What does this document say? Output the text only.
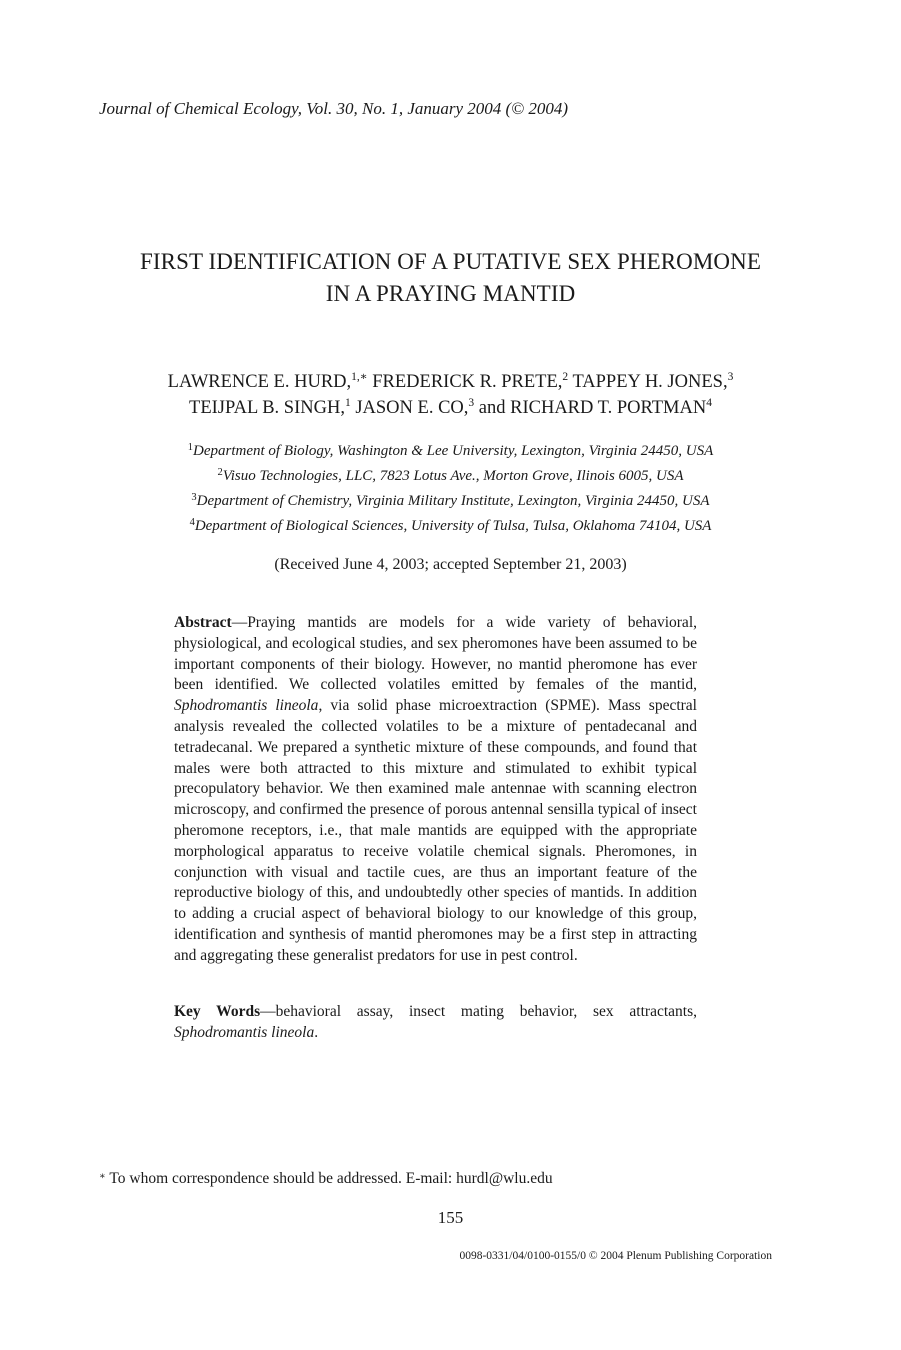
Journal of Chemical Ecology, Vol. 30, No. 1, January 2004 (© 2004)
FIRST IDENTIFICATION OF A PUTATIVE SEX PHEROMONE
IN A PRAYING MANTID
LAWRENCE E. HURD,$^{1,∗}$ FREDERICK R. PRETE,$^2$ TAPPEY H. JONES,$^3$
TEIJPAL B. SINGH,$^1$ JASON E. CO,$^3$ and RICHARD T. PORTMAN$^4$
$^1$Department of Biology, Washington & Lee University, Lexington, Virginia 24450, USA
$^2$Visuo Technologies, LLC, 7823 Lotus Ave., Morton Grove, Ilinois 6005, USA
$^3$Department of Chemistry, Virginia Military Institute, Lexington, Virginia 24450, USA
$^4$Department of Biological Sciences, University of Tulsa, Tulsa, Oklahoma 74104, USA
(Received June 4, 2003; accepted September 21, 2003)
Abstract—Praying mantids are models for a wide variety of behavioral, physiological, and ecological studies, and sex pheromones have been assumed to be important components of their biology. However, no mantid pheromone has ever been identified. We collected volatiles emitted by females of the mantid, Sphodromantis lineola, via solid phase microextraction (SPME). Mass spectral analysis revealed the collected volatiles to be a mixture of pentadecanal and tetradecanal. We prepared a synthetic mixture of these compounds, and found that males were both attracted to this mixture and stimulated to exhibit typical precopulatory behavior. We then examined male antennae with scanning electron microscopy, and confirmed the presence of porous antennal sensilla typical of insect pheromone receptors, i.e., that male mantids are equipped with the appropriate morphological apparatus to receive volatile chemical signals. Pheromones, in conjunction with visual and tactile cues, are thus an important feature of the reproductive biology of this, and undoubtedly other species of mantids. In addition to adding a crucial aspect of behavioral biology to our knowledge of this group, identification and synthesis of mantid pheromones may be a first step in attracting and aggregating these generalist predators for use in pest control.
Key Words—behavioral assay, insect mating behavior, sex attractants, Sphodromantis lineola.
∗ To whom correspondence should be addressed. E-mail: hurdl@wlu.edu
155
0098-0331/04/0100-0155/0 © 2004 Plenum Publishing Corporation
